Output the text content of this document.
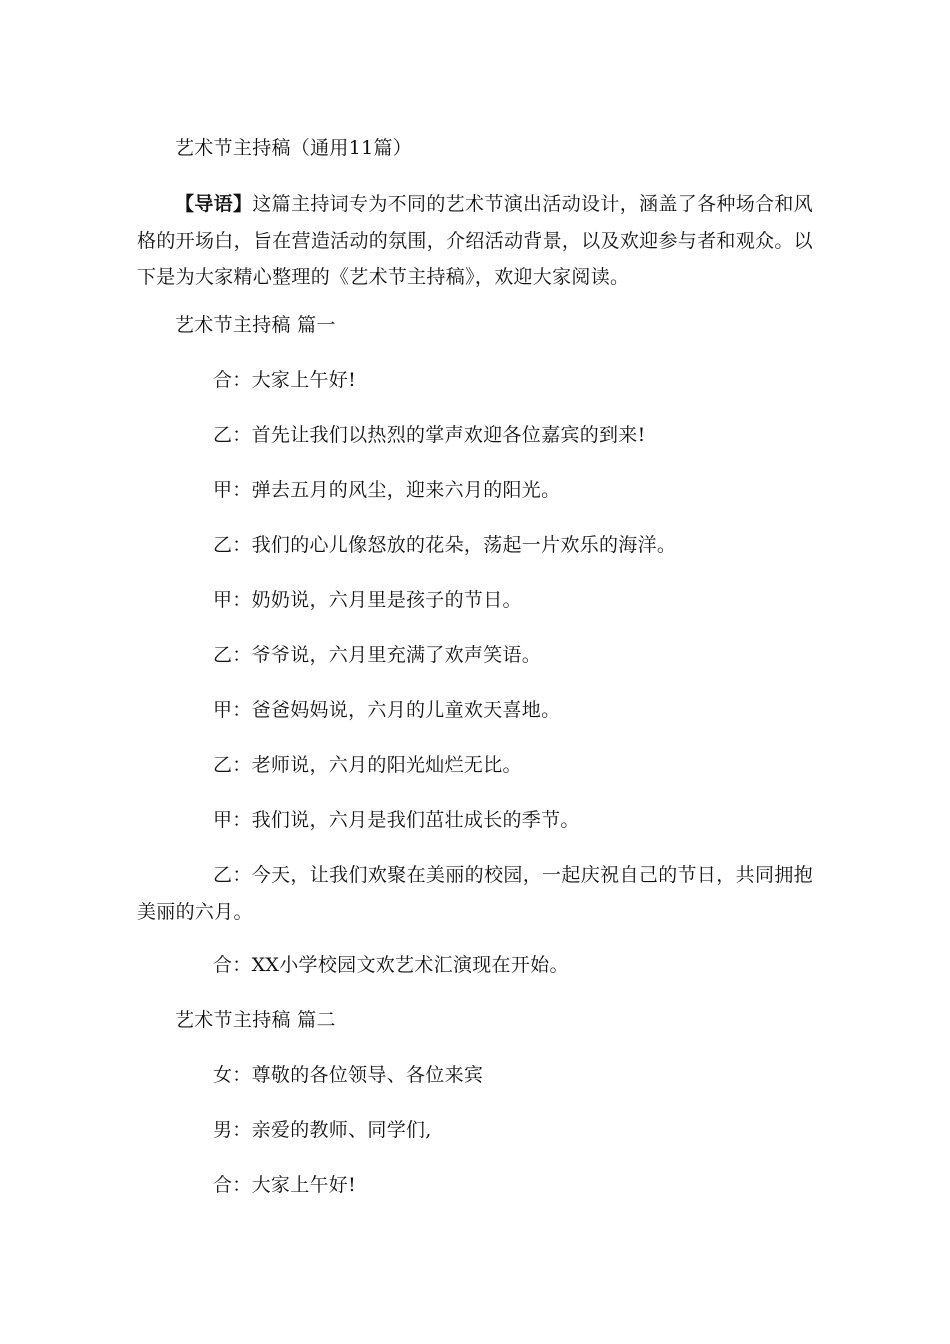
艺术节主持稿（通用11篇）
【导语】这篇主持词专为不同的艺术节演出活动设计，涵盖了各种场合和风格的开场白，旨在营造活动的氛围，介绍活动背景，以及欢迎参与者和观众。以下是为大家精心整理的《艺术节主持稿》，欢迎大家阅读。
艺术节主持稿 篇一
合：大家上午好!
乙：首先让我们以热烈的掌声欢迎各位嘉宾的到来!
甲：弹去五月的风尘，迎来六月的阳光。
乙：我们的心儿像怒放的花朵，荡起一片欢乐的海洋。
甲：奶奶说，六月里是孩子的节日。
乙：爷爷说，六月里充满了欢声笑语。
甲：爸爸妈妈说，六月的儿童欢天喜地。
乙：老师说，六月的阳光灿烂无比。
甲：我们说，六月是我们茁壮成长的季节。
乙：今天，让我们欢聚在美丽的校园，一起庆祝自己的节日，共同拥抱美丽的六月。
合：XX小学校园文欢艺术汇演现在开始。
艺术节主持稿 篇二
女：尊敬的各位领导、各位来宾
男：亲爱的教师、同学们,
合：大家上午好!
